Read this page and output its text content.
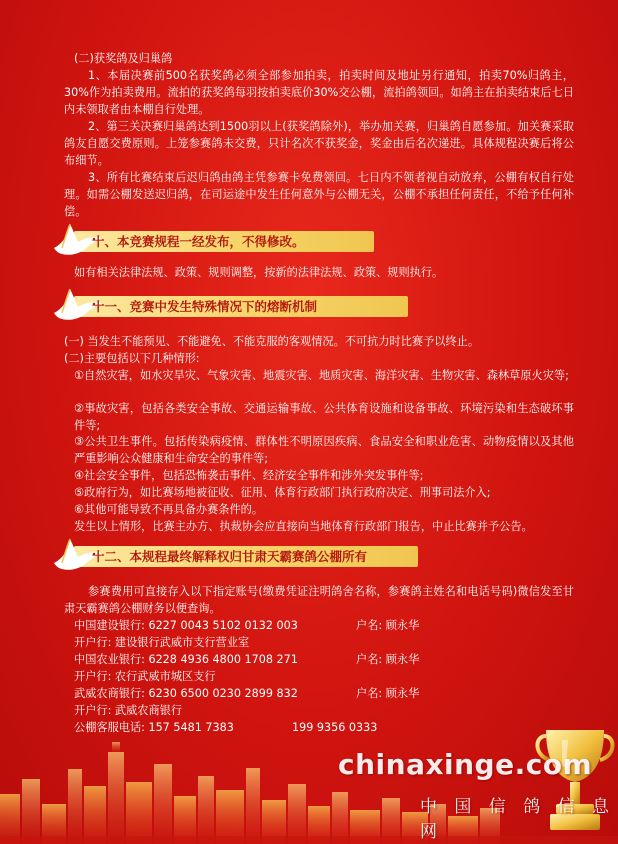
(二)获奖鸽及归巢鸽

1、本届决赛前500名获奖鸽必须全部参加拍卖，拍卖时间及地址另行通知，拍卖70%归鸽主，30%作为拍卖费用。流拍的获奖鸽每羽按拍卖底价30%交公棚，流拍鸽领回。如鸽主在拍卖结束后七日内未领取者由本棚自行处理。

2、第三关决赛归巢鸽达到1500羽以上(获奖鸽除外)，举办加关赛，归巢鸽自愿参加。加关赛采取鸽友自愿交费原则。上笼参赛鸽未交费，只计名次不获奖金，奖金由后名次递进。具体规程决赛后将公布细节。

3、所有比赛结束后迟归鸽由鸽主凭参赛卡免费领回。七日内不领者视自动放弃，公棚有权自行处理。如需公棚发送迟归鸽，在司运途中发生任何意外与公棚无关，公棚不承担任何责任，不给予任何补偿。

十、本竞赛规程一经发布，不得修改。
如有相关法律法规、政策、规则调整，按新的法律法规、政策、规则执行。
十一、竞赛中发生特殊情况下的熔断机制
(一) 当发生不能预见、不能避免、不能克服的客观情况。不可抗力时比赛予以终止。
(二)主要包括以下几种情形:

①自然灾害，如水灾旱灾、气象灾害、地震灾害、地质灾害、海洋灾害、生物灾害、森林草原火灾等;

②事故灾害，包括各类安全事故、交通运输事故、公共体育设施和设备事故、环境污染和生态破坏事件等;

③公共卫生事件。包括传染病疫情、群体性不明原因疾病、食品安全和职业危害、动物疫情以及其他严重影响公众健康和生命安全的事件等;

④社会安全事件，包括恐怖袭击事件、经济安全事件和涉外突发事件等;
⑤政府行为，如比赛场地被征收、征用、体育行政部门执行政府决定、刑事司法介入;
⑥其他可能导致不再具备办赛条件的。
发生以上情形，比赛主办方、执裁协会应直接向当地体育行政部门报告，中止比赛并予公告。
十二、本规程最终解释权归甘肃天霸赛鸽公棚所有

参赛费用可直接存入以下指定账号(缴费凭证注明鸽舍名称，参赛鸽主姓名和电话号码)微信发至甘肃天霸赛鸽公棚财务以便查询。

中国建设银行: 6227 0043 5102 0132 003	户名: 顾永华
开户行: 建设银行武威市支行营业室
中国农业银行: 6228 4936 4800 1708 271	户名: 顾永华
开户行: 农行武威市城区支行
武威农商银行: 6230 6500 0230 2899 832	户名: 顾永华
开户行: 武威农商银行
公棚客服电话: 157 5481 7383	199 9356 0333
chinaxinge.com
中 国 信 鸽 信 息 网
